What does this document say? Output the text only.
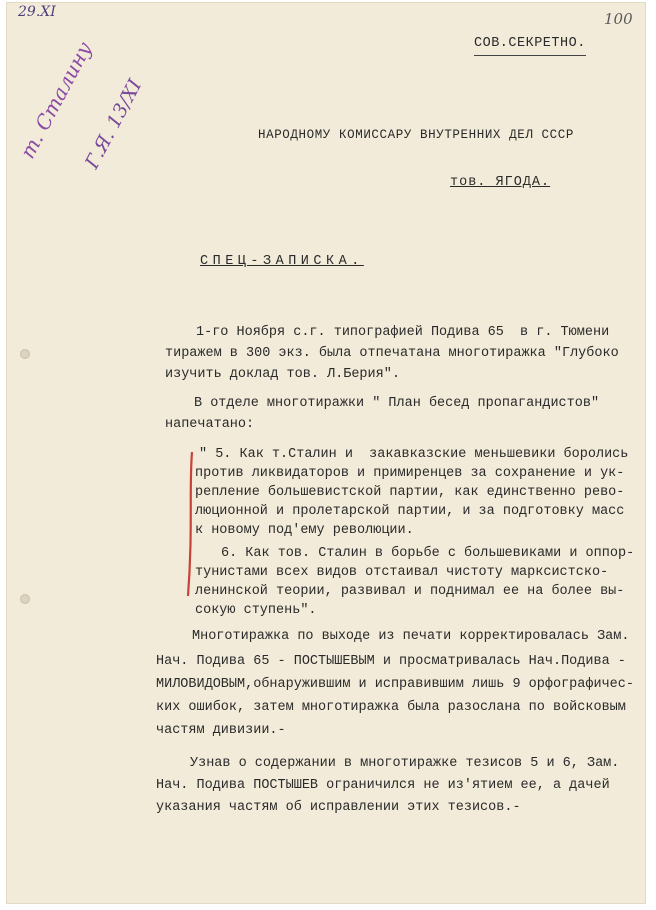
29.XI	100
т. Сталину
Г.Я. 13/XI
СОВ.СЕКРЕТНО.
НАРОДНОМУ КОМИССАРУ ВНУТРЕННИХ ДЕЛ СССР
тов. ЯГОДА.
СПЕЦ-ЗАПИСКА.
1-го Ноября с.г. типографией Подива 65  в г. Тюмени
тиражем в 300 экз. была отпечатана многотиражка "Глубоко
изучить доклад тов. Л.Берия".
В отделе многотиражки " План бесед пропагандистов"
напечатано:
" 5. Как т.Сталин и  закавказские меньшевики боролись
против ликвидаторов и примиренцев за сохранение и ук-
репление большевистской партии, как единственно рево-
люционной и пролетарской партии, и за подготовку масс
к новому под'ему революции.
6. Как тов. Сталин в борьбе с большевиками и оппор-
тунистами всех видов отстаивал чистоту марксистско-
ленинской теории, развивал и поднимал ее на более вы-
сокую ступень".
Многотиражка по выходе из печати корректировалась Зам.
Нач. Подива 65 - ПОСТЫШЕВЫМ и просматривалась Нач.Подива -
МИЛОВИДОВЫМ,обнаружившим и исправившим лишь 9 орфографичес-
ких ошибок, затем многотиражка была разослана по войсковым
частям дивизии.-
Узнав о содержании в многотиражке тезисов 5 и 6, Зам.
Нач. Подива ПОСТЫШЕВ ограничился не из'ятием ее, а дачей
указания частям об исправлении этих тезисов.-
